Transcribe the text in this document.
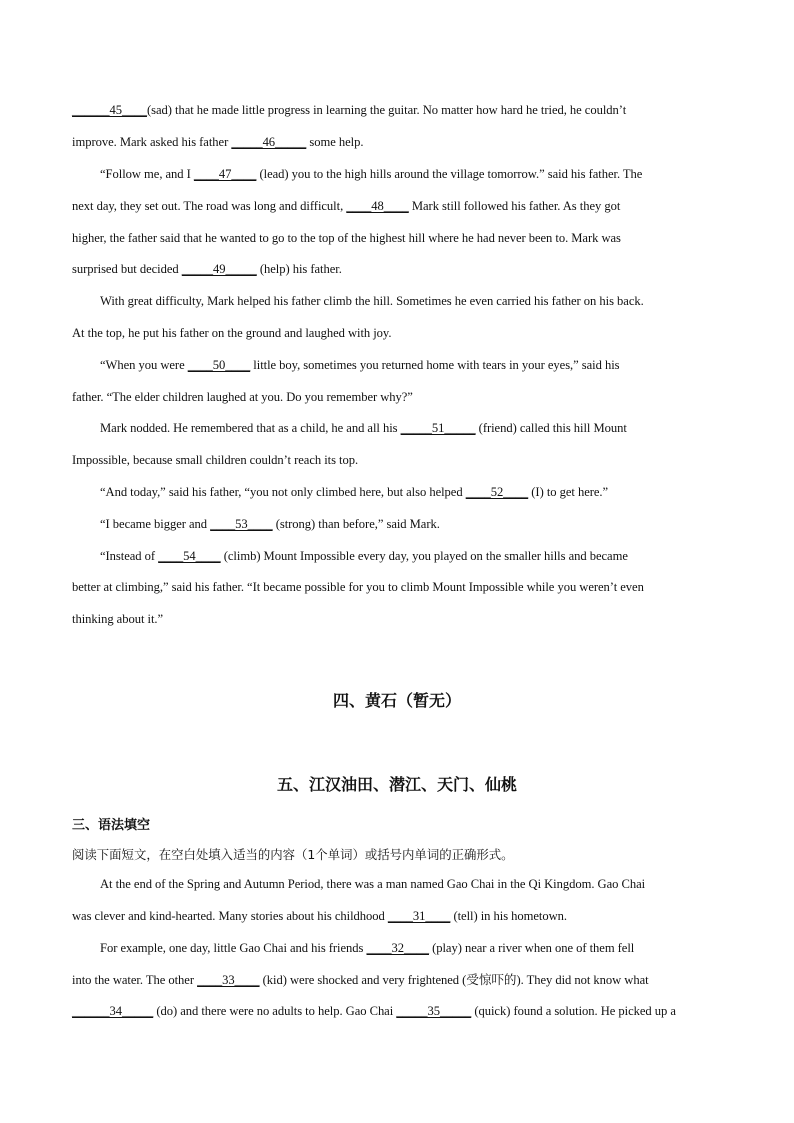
______45____(sad) that he made little progress in learning the guitar. No matter how hard he tried, he couldn’t

improve. Mark asked his father _____46_____ some help.

“Follow me, and I ____47____ (lead) you to the high hills around the village tomorrow.” said his father. The

next day, they set out. The road was long and difficult, ____48____ Mark still followed his father. As they got

higher, the father said that he wanted to go to the top of the highest hill where he had never been to. Mark was

surprised but decided _____49_____ (help) his father.

With great difficulty, Mark helped his father climb the hill. Sometimes he even carried his father on his back.

At the top, he put his father on the ground and laughed with joy.

“When you were ____50____ little boy, sometimes you returned home with tears in your eyes,” said his

father. “The elder children laughed at you. Do you remember why?”

Mark nodded. He remembered that as a child, he and all his _____51_____ (friend) called this hill Mount

Impossible, because small children couldn’t reach its top.

“And today,” said his father, “you not only climbed here, but also helped ____52____ (I) to get here.”

“I became bigger and ____53____ (strong) than before,” said Mark.

“Instead of ____54____ (climb) Mount Impossible every day, you played on the smaller hills and became

better at climbing,” said his father. “It became possible for you to climb Mount Impossible while you weren’t even

thinking about it.”

四、黄石（暂无）
五、江汉油田、潜江、天门、仙桃
三、语法填空

阅读下面短文，在空白处填入适当的内容（1个单词）或括号内单词的正确形式。

At the end of the Spring and Autumn Period, there was a man named Gao Chai in the Qi Kingdom. Gao Chai

was clever and kind-hearted. Many stories about his childhood ____31____ (tell) in his hometown.

For example, one day, little Gao Chai and his friends ____32____ (play) near a river when one of them fell

into the water. The other ____33____ (kid) were shocked and very frightened (受惊吓的). They did not know what

______34_____ (do) and there were no adults to help. Gao Chai _____35_____ (quick) found a solution. He picked up a
